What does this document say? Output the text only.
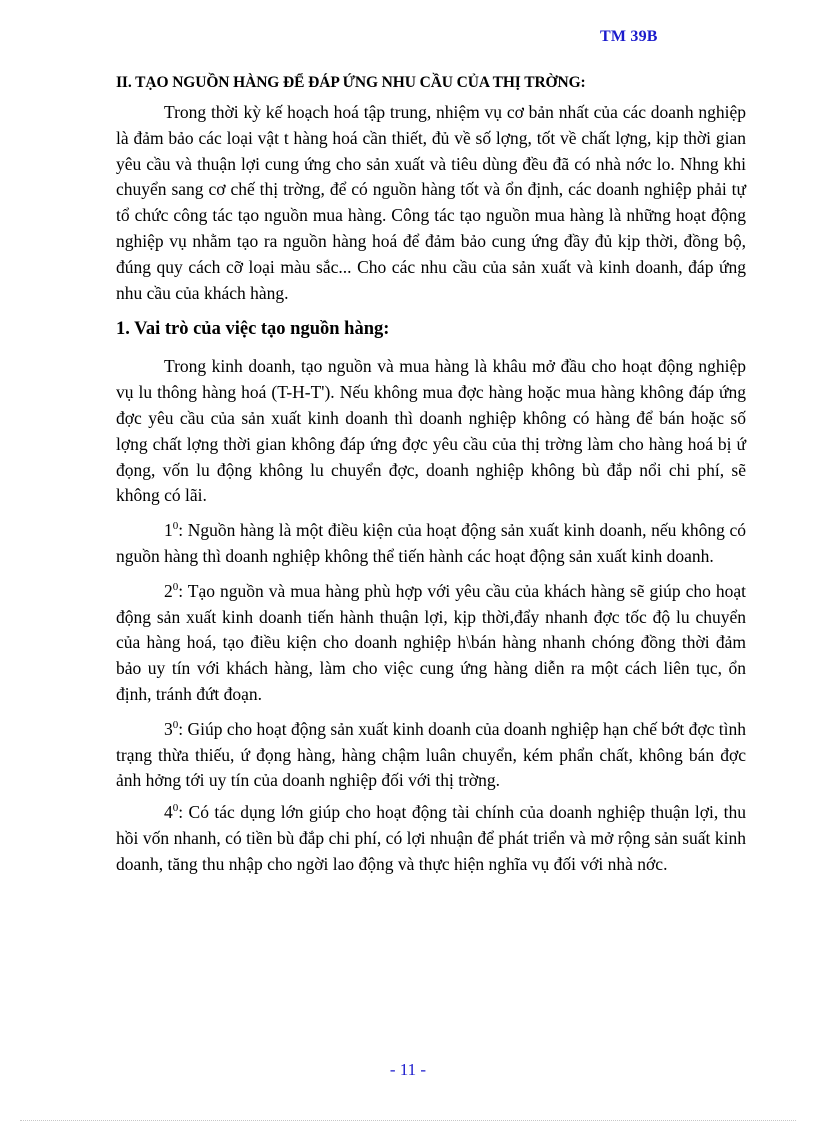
TM 39B
II. TẠO NGUỒN HÀNG ĐỂ ĐÁP ỨNG NHU CẦU CỦA THỊ TRỜNG:

Trong thời kỳ kế hoạch hoá tập trung, nhiệm vụ cơ bản nhất của các doanh nghiệp là đảm bảo các loại vật t hàng hoá cần thiết, đủ về số lợng, tốt về chất lợng, kịp thời gian yêu cầu và thuận lợi cung ứng cho sản xuất và tiêu dùng đều đã có nhà nớc lo. Nhng khi chuyển sang cơ chế thị trờng, để có nguồn hàng tốt và ổn định, các doanh nghiệp phải tự tổ chức công tác tạo nguồn mua hàng. Công tác tạo nguồn mua hàng là những hoạt động nghiệp vụ nhằm tạo ra nguồn hàng hoá để đảm bảo cung ứng đầy đủ kịp thời, đồng bộ, đúng quy cách cỡ loại màu sắc... Cho các nhu cầu của sản xuất và kinh doanh, đáp ứng nhu cầu của khách hàng.

1. Vai trò của việc tạo nguồn hàng:

Trong kinh doanh, tạo nguồn và mua hàng là khâu mở đầu cho hoạt động nghiệp vụ lu thông hàng hoá (T-H-T'). Nếu không mua đợc hàng hoặc mua hàng không đáp ứng đợc yêu cầu của sản xuất kinh doanh thì doanh nghiệp không có hàng để bán hoặc số lợng chất lợng thời gian không đáp ứng đợc yêu cầu của thị trờng làm cho hàng hoá bị ứ đọng, vốn lu động không lu chuyển đợc, doanh nghiệp không bù đắp nổi chi phí, sẽ không có lãi.

$1^0$: Nguồn hàng là một điều kiện của hoạt động sản xuất kinh doanh, nếu không có nguồn hàng thì doanh nghiệp không thể tiến hành các hoạt động sản xuất kinh doanh.

$2^0$: Tạo nguồn và mua hàng phù hợp với yêu cầu của khách hàng sẽ giúp cho hoạt động sản xuất kinh doanh tiến hành thuận lợi, kịp thời,đẩy nhanh đợc tốc độ lu chuyển của hàng hoá, tạo điều kiện cho doanh nghiệp h\bán hàng nhanh chóng đồng thời đảm bảo uy tín với khách hàng, làm cho việc cung ứng hàng diễn ra một cách liên tục, ổn định, tránh đứt đoạn.

$3^0$: Giúp cho hoạt động sản xuất kinh doanh của doanh nghiệp hạn chế bớt đợc tình trạng thừa thiếu, ứ đọng hàng, hàng chậm luân chuyển, kém phẩn chất, không bán đợc ảnh hởng tới uy tín của doanh nghiệp đối với thị trờng.

$4^0$: Có tác dụng lớn giúp cho hoạt động tài chính của doanh nghiệp thuận lợi, thu hồi vốn nhanh, có tiền bù đắp chi phí, có lợi nhuận để phát triển và mở rộng sản suất kinh doanh, tăng thu nhập cho ngời lao động và thực hiện nghĩa vụ đối với nhà nớc.

- 11 -
